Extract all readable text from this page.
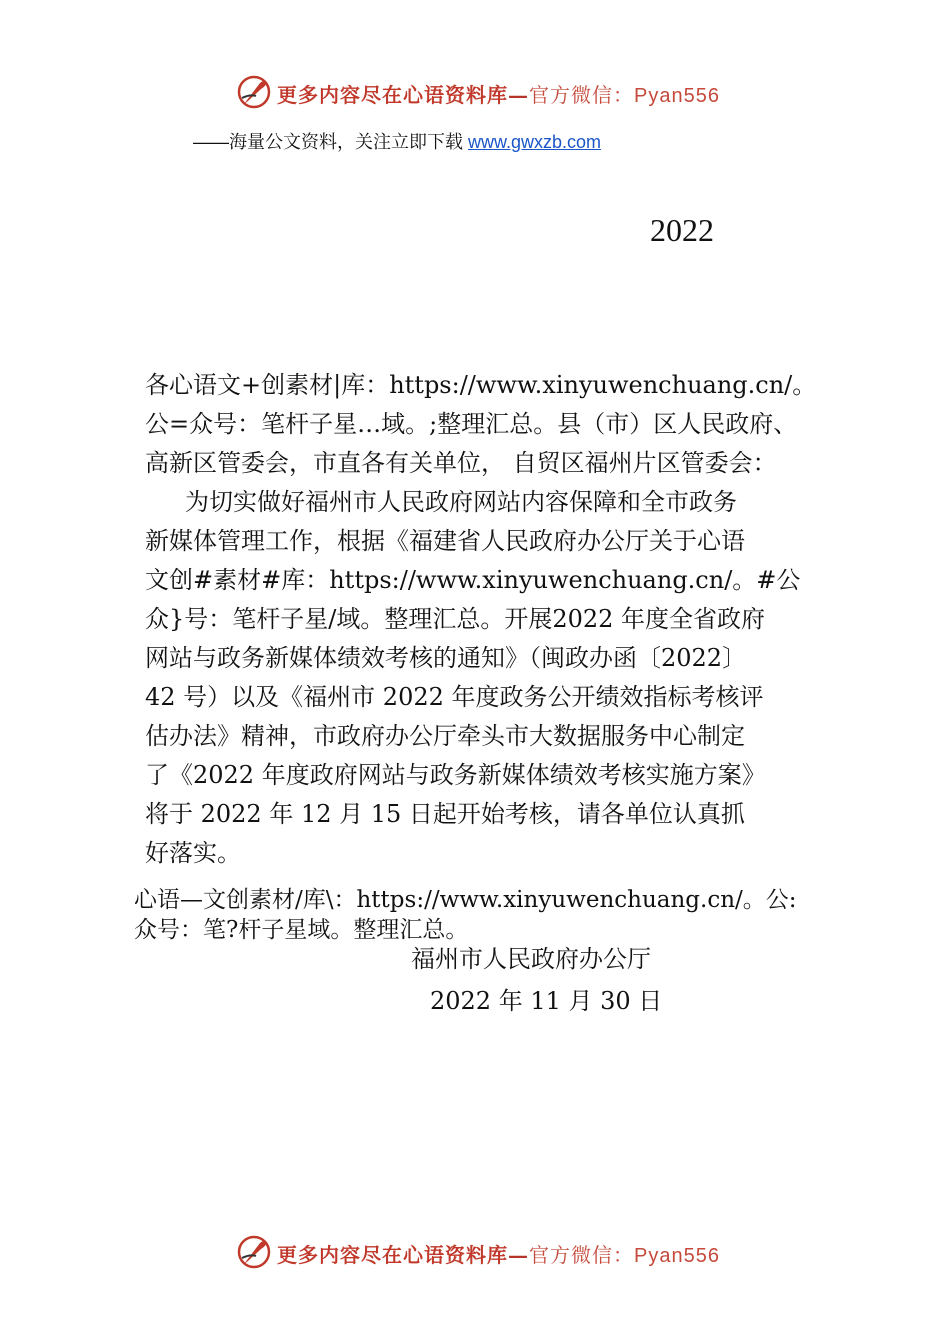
更多内容尽在心语资料库—官方微信：Pyan556
——海量公文资料，关注立即下载 www.gwxzb.com
2022
各心语文+创素材|库：https://www.xinyuwenchuang.cn/。
公=众号：笔杆子星…域。;整理汇总。县（市）区人民政府、
高新区管委会，市直各有关单位， 自贸区福州片区管委会：
为切实做好福州市人民政府网站内容保障和全市政务
新媒体管理工作，根据《福建省人民政府办公厅关于心语
文创#素材#库：https://www.xinyuwenchuang.cn/。#公
众}号：笔杆子星/域。整理汇总。开展2022 年度全省政府
网站与政务新媒体绩效考核的通知》（闽政办函〔2022〕
42 号）以及《福州市 2022 年度政务公开绩效指标考核评
估办法》精神，市政府办公厅牵头市大数据服务中心制定
了《2022 年度政府网站与政务新媒体绩效考核实施方案》
将于 2022 年 12 月 15 日起开始考核，请各单位认真抓
好落实。
心语—文创素材/库\：https://www.xinyuwenchuang.cn/。公:
众号：笔?杆子星域。整理汇总。
福州市人民政府办公厅
2022 年 11 月 30 日
更多内容尽在心语资料库—官方微信：Pyan556
